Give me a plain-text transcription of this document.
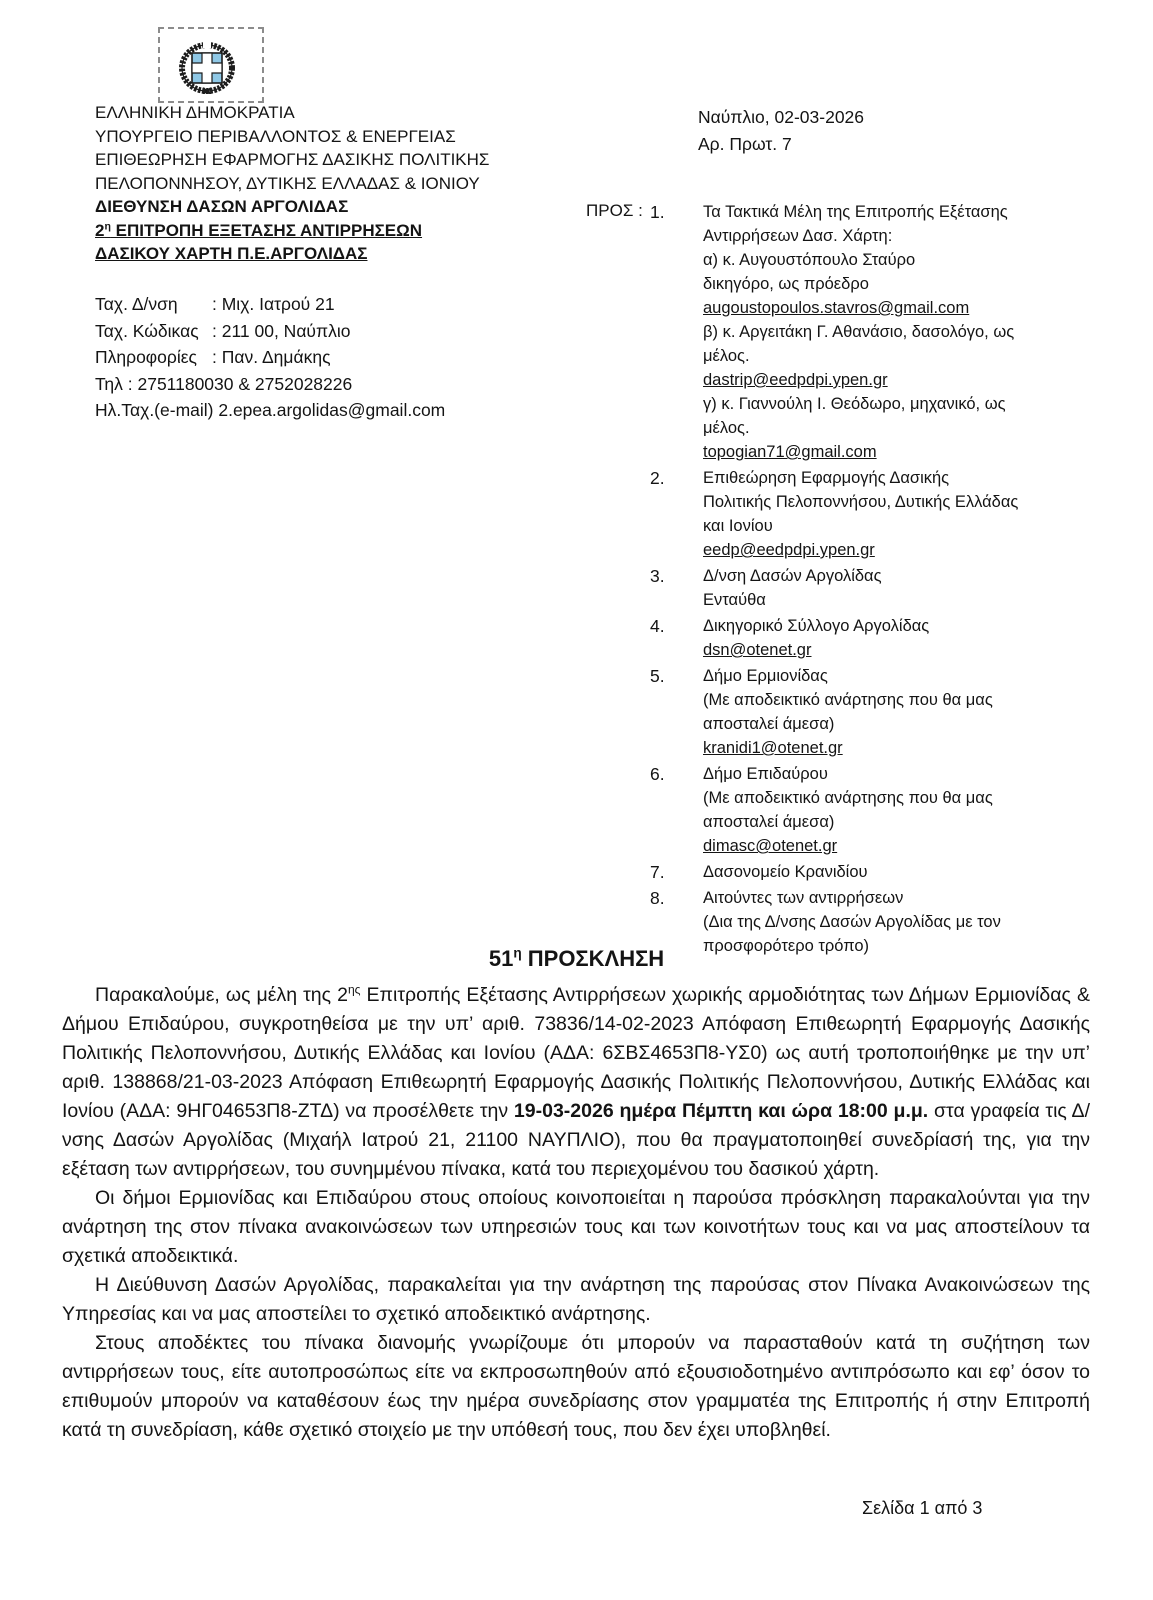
ΕΛΛΗΝΙΚΗ ΔΗΜΟΚΡΑΤΙΑ
ΥΠΟΥΡΓΕΙΟ ΠΕΡΙΒΑΛΛΟΝΤΟΣ & ΕΝΕΡΓΕΙΑΣ
ΕΠΙΘΕΩΡΗΣΗ ΕΦΑΡΜΟΓΗΣ ΔΑΣΙΚΗΣ ΠΟΛΙΤΙΚΗΣ
ΠΕΛΟΠΟΝΝΗΣΟΥ, ΔΥΤΙΚΗΣ ΕΛΛΑΔΑΣ & ΙΟΝΙΟΥ
ΔΙΕΘΥΝΣΗ ΔΑΣΩΝ ΑΡΓΟΛΙΔΑΣ
$2^\eta$ ΕΠΙΤΡΟΠΗ ΕΞΕΤΑΣΗΣ ΑΝΤΙΡΡΗΣΕΩΝ
ΔΑΣΙΚΟΥ ΧΑΡΤΗ Π.Ε.ΑΡΓΟΛΙΔΑΣ
Ναύπλιο, 02-03-2026
Αρ. Πρωτ. 7
ΠΡΟΣ : 1.	Τα Τακτικά Μέλη της Επιτροπής Εξέτασης
Αντιρρήσεων Δασ. Χάρτη:
α) κ. Αυγουστόπουλο Σταύρο
δικηγόρο, ως πρόεδρο
augoustopoulos.stavros@gmail.com
β) κ. Αργειτάκη Γ. Αθανάσιο, δασολόγο, ως
μέλος.
dastrip@eedpdpi.ypen.gr
γ) κ. Γιαννούλη Ι. Θεόδωρο, μηχανικό, ως
μέλος.
topogian71@gmail.com
2.	Επιθεώρηση Εφαρμογής Δασικής
Πολιτικής Πελοποννήσου, Δυτικής Ελλάδας
και Ιονίου
eedp@eedpdpi.ypen.gr
3.	Δ/νση Δασών Αργολίδας
Ενταύθα
4.	Δικηγορικό Σύλλογο Αργολίδας
dsn@otenet.gr
5.	Δήμο Ερμιονίδας
(Με αποδεικτικό ανάρτησης που θα μας
αποσταλεί άμεσα)
kranidi1@otenet.gr
6.	Δήμο Επιδαύρου
(Με αποδεικτικό ανάρτησης που θα μας
αποσταλεί άμεσα)
dimasc@otenet.gr
7.	Δασονομείο Κρανιδίου
8.	Αιτούντες των αντιρρήσεων
(Δια της Δ/νσης Δασών Αργολίδας με τον
προσφορότερο τρόπο)
Ταχ. Δ/νση	: Μιχ. Ιατρού 21
Ταχ. Κώδικας : 211 00, Ναύπλιο
Πληροφορίες : Παν. Δημάκης
Τηλ : 2751180030 & 2752028226
Ηλ.Ταχ.(e-mail) 2.epea.argolidas@gmail.com
$51^\eta$ ΠΡΟΣΚΛΗΣΗ

Παρακαλούμε, ως μέλη της $2^{\eta\varsigma}$ Επιτροπής Εξέτασης Αντιρρήσεων χωρικής αρμοδιότητας των Δήμων Ερμιονίδας & Δήμου Επιδαύρου, συγκροτηθείσα με την υπ’ αριθ. 73836/14-02-2023 Απόφαση Επιθεωρητή Εφαρμογής Δασικής Πολιτικής Πελοποννήσου, Δυτικής Ελλάδας και Ιονίου (ΑΔΑ: 6ΣΒΣ4653Π8-ΥΣ0) ως αυτή τροποποιήθηκε με την υπ’ αριθ. 138868/21-03-2023 Απόφαση Επιθεωρητή Εφαρμογής Δασικής Πολιτικής Πελοποννήσου, Δυτικής Ελλάδας και Ιονίου (ΑΔΑ: 9ΗΓ04653Π8-ΖΤΔ) να προσέλθετε την 19-03-2026 ημέρα Πέμπτη και ώρα 18:00 μ.μ. στα γραφεία τις Δ/νσης Δασών Αργολίδας (Μιχαήλ Ιατρού 21, 21100 ΝΑΥΠΛΙΟ), που θα πραγματοποιηθεί συνεδρίασή της, για την εξέταση των αντιρρήσεων, του συνημμένου πίνακα, κατά του περιεχομένου του δασικού χάρτη.

Οι δήμοι Ερμιονίδας και Επιδαύρου στους οποίους κοινοποιείται η παρούσα πρόσκληση παρακαλούνται για την ανάρτηση της στον πίνακα ανακοινώσεων των υπηρεσιών τους και των κοινοτήτων τους και να μας αποστείλουν τα σχετικά αποδεικτικά.

Η Διεύθυνση Δασών Αργολίδας, παρακαλείται για την ανάρτηση της παρούσας στον Πίνακα Ανακοινώσεων της Υπηρεσίας και να μας αποστείλει το σχετικό αποδεικτικό ανάρτησης.

Στους αποδέκτες του πίνακα διανομής γνωρίζουμε ότι μπορούν να παρασταθούν κατά τη συζήτηση των αντιρρήσεων τους, είτε αυτοπροσώπως είτε να εκπροσωπηθούν από εξουσιοδοτημένο αντιπρόσωπο και εφ’ όσον το επιθυμούν μπορούν να καταθέσουν έως την ημέρα συνεδρίασης στον γραμματέα της Επιτροπής ή στην Επιτροπή κατά τη συνεδρίαση, κάθε σχετικό στοιχείο με την υπόθεσή τους, που δεν έχει υποβληθεί.

Σελίδα 1 από 3
